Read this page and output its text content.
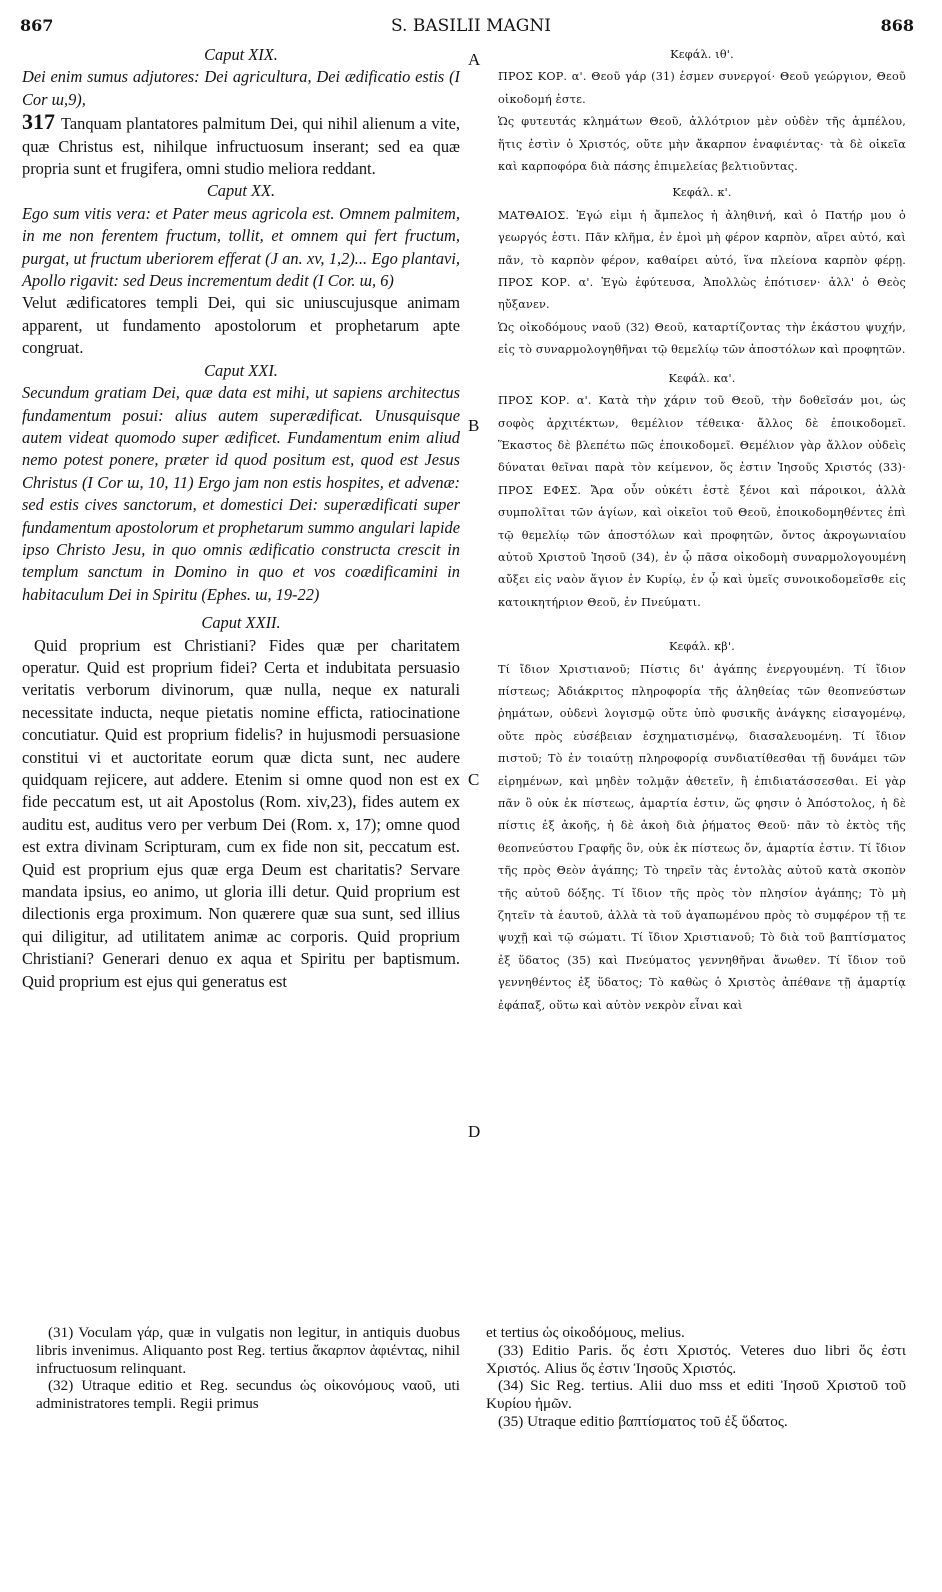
867	S. BASILII MAGNI	868
A
B
C
D
Caput XIX.

Dei enim sumus adjutores: Dei agricultura, Dei ædificatio estis (I Cor ш,9),

317 Tanquam plantatores palmitum Dei, qui nihil alienum a vite, quæ Christus est, nihilque infructuosum inserant; sed ea quæ propria sunt et frugifera, omni studio meliora reddant.

Caput XX.

Ego sum vitis vera: et Pater meus agricola est. Omnem palmitem, in me non ferentem fructum, tollit, et omnem qui fert fructum, purgat, ut fructum uberiorem efferat (J an. xv, 1,2)... Ego plantavi, Apollo rigavit: sed Deus incrementum dedit (I Cor. ш, 6)

Velut ædificatores templi Dei, qui sic uniuscujusque animam apparent, ut fundamento apostolorum et prophetarum apte congruat.

Caput XXI.

Secundum gratiam Dei, quæ data est mihi, ut sapiens architectus fundamentum posui: alius autem superædificat. Unusquisque autem videat quomodo super ædificet. Fundamentum enim aliud nemo potest ponere, præter id quod positum est, quod est Jesus Christus (I Cor ш, 10, 11) Ergo jam non estis hospites, et advenæ: sed estis cives sanctorum, et domestici Dei: superædificati super fundamentum apostolorum et prophetarum summo angulari lapide ipso Christo Jesu, in quo omnis ædificatio constructa crescit in templum sanctum in Domino in quo et vos coædificamini in habitaculum Dei in Spiritu (Ephes. ш, 19-22)

Caput XXII.

Quid proprium est Christiani? Fides quæ per charitatem operatur. Quid est proprium fidei? Certa et indubitata persuasio veritatis verborum divinorum, quæ nulla, neque ex naturali necessitate inducta, neque pietatis nomine efficta, ratiocinatione concutiatur. Quid est proprium fidelis? in hujusmodi persuasione constitui vi et auctoritate eorum quæ dicta sunt, nec audere quidquam rejicere, aut addere. Etenim si omne quod non est ex fide peccatum est, ut ait Apostolus (Rom. xiv,23), fides autem ex auditu est, auditus vero per verbum Dei (Rom. x, 17); omne quod est extra divinam Scripturam, cum ex fide non sit, peccatum est. Quid est proprium ejus quæ erga Deum est charitatis? Servare mandata ipsius, eo animo, ut gloria illi detur. Quid proprium est dilectionis erga proximum. Non quærere quæ sua sunt, sed illius qui diligitur, ad utilitatem animæ ac corporis. Quid proprium Christiani? Generari denuo ex aqua et Spiritu per baptismum. Quid proprium est ejus qui generatus est

Κεφάλ. ιθ'.

ΠΡΟΣ ΚΟΡ. α'. Θεοῦ γάρ (31) ἐσμεν συνεργοί· Θεοῦ γεώργιον, Θεοῦ οἰκοδομή ἐστε.

Ὡς φυτευτάς κλημάτων Θεοῦ, ἀλλότριον μὲν οὐδὲν τῆς ἀμπέλου, ἥτις ἐστὶν ὁ Χριστός, οὔτε μὴν ἄκαρπον ἐναφιέντας· τὰ δὲ οἰκεῖα καὶ καρποφόρα διὰ πάσης ἐπιμελείας βελτιοῦντας.

Κεφάλ. κ'.

ΜΑΤΘΑΙΟΣ. Ἐγώ εἰμι ἡ ἄμπελος ἡ ἀληθινή, καὶ ὁ Πατήρ μου ὁ γεωργός ἐστι. Πᾶν κλῆμα, ἐν ἐμοὶ μὴ φέρον καρπὸν, αἴρει αὐτό, καὶ πᾶν, τὸ καρπὸν φέρον, καθαίρει αὐτό, ἵνα πλείονα καρπὸν φέρῃ. ΠΡΟΣ ΚΟΡ. α'. Ἐγὼ ἐφύτευσα, Ἀπολλὼς ἐπότισεν· ἀλλ' ὁ Θεὸς ηὔξανεν.

Ὡς οἰκοδόμους ναοῦ (32) Θεοῦ, καταρτίζοντας τὴν ἑκάστου ψυχήν, εἰς τὸ συναρμολογηθῆναι τῷ θεμελίῳ τῶν ἀποστόλων καὶ προφητῶν.

Κεφάλ. κα'.

ΠΡΟΣ ΚΟΡ. α'. Κατὰ τὴν χάριν τοῦ Θεοῦ, τὴν δοθεῖσάν μοι, ὡς σοφὸς ἀρχιτέκτων, θεμέλιον τέθεικα· ἄλλος δὲ ἐποικοδομεῖ. Ἕκαστος δὲ βλεπέτω πῶς ἐποικοδομεῖ. Θεμέλιον γὰρ ἄλλον οὐδεὶς δύναται θεῖναι παρὰ τὸν κείμενον, ὅς ἐστιν Ἰησοῦς Χριστός (33)· ΠΡΟΣ ΕΦΕΣ. Ἄρα οὖν οὐκέτι ἐστὲ ξένοι καὶ πάροικοι, ἀλλὰ συμπολῖται τῶν ἁγίων, καὶ οἰκεῖοι τοῦ Θεοῦ, ἐποικοδομηθέντες ἐπὶ τῷ θεμελίῳ τῶν ἀποστόλων καὶ προφητῶν, ὄντος ἀκρογωνιαίου αὐτοῦ Χριστοῦ Ἰησοῦ (34), ἐν ᾧ πᾶσα οἰκοδομὴ συναρμολογουμένη αὔξει εἰς ναὸν ἅγιον ἐν Κυρίῳ, ἐν ᾧ καὶ ὑμεῖς συνοικοδομεῖσθε εἰς κατοικητήριον Θεοῦ, ἐν Πνεύματι.

Κεφάλ. κβ'.

Τί ἴδιον Χριστιανοῦ; Πίστις δι' ἀγάπης ἐνεργουμένη. Τί ἴδιον πίστεως; Ἀδιάκριτος πληροφορία τῆς ἀληθείας τῶν θεοπνεύστων ῥημάτων, οὐδενὶ λογισμῷ οὔτε ὑπὸ φυσικῆς ἀνάγκης εἰσαγομένῳ, οὔτε πρὸς εὐσέβειαν ἐσχηματισμένῳ, διασαλευομένη. Τί ἴδιον πιστοῦ; Τὸ ἐν τοιαύτῃ πληροφορίᾳ συνδιατίθεσθαι τῇ δυνάμει τῶν εἰρημένων, καὶ μηδὲν τολμᾷν ἀθετεῖν, ἢ ἐπιδιατάσσεσθαι. Εἰ γὰρ πᾶν ὃ οὐκ ἐκ πίστεως, ἁμαρτία ἐστιν, ὥς φησιν ὁ Ἀπόστολος, ἡ δὲ πίστις ἐξ ἀκοῆς, ἡ δὲ ἀκοὴ διὰ ῥήματος Θεοῦ· πᾶν τὸ ἐκτὸς τῆς θεοπνεύστου Γραφῆς ὃν, οὐκ ἐκ πίστεως ὄν, ἁμαρτία ἐστιν. Τί ἴδιον τῆς πρὸς Θεὸν ἀγάπης; Τὸ τηρεῖν τὰς ἐντολὰς αὐτοῦ κατὰ σκοπὸν τῆς αὐτοῦ δόξης. Τί ἴδιον τῆς πρὸς τὸν πλησίον ἀγάπης; Τὸ μὴ ζητεῖν τὰ ἑαυτοῦ, ἀλλὰ τὰ τοῦ ἀγαπωμένου πρὸς τὸ συμφέρον τῇ τε ψυχῇ καὶ τῷ σώματι. Τί ἴδιον Χριστιανοῦ; Τὸ διὰ τοῦ βαπτίσματος ἐξ ὕδατος (35) καὶ Πνεύματος γεννηθῆναι ἄνωθεν. Τί ἴδιον τοῦ γεννηθέντος ἐξ ὕδατος; Τὸ καθὼς ὁ Χριστὸς ἀπέθανε τῇ ἁμαρτίᾳ ἐφάπαξ, οὕτω καὶ αὐτὸν νεκρὸν εἶναι καὶ

(31) Voculam γάρ, quæ in vulgatis non legitur, in antiquis duobus libris invenimus. Aliquanto post Reg. tertius ἄκαρπον ἀφιέντας, nihil infructuosum relinquant.

(32) Utraque editio et Reg. secundus ὡς οἰκονόμους ναοῦ, uti administratores templi. Regii primus

et tertius ὡς οἰκοδόμους, melius.

(33) Editio Paris. ὅς ἐστι Χριστός. Veteres duo libri ὅς ἐστι Χριστός. Alius ὅς ἐστιν Ἰησοῦς Χριστός.

(34) Sic Reg. tertius. Alii duo mss et editi Ἰησοῦ Χριστοῦ τοῦ Κυρίου ἡμῶν.

(35) Utraque editio βαπτίσματος τοῦ ἐξ ὕδατος.
